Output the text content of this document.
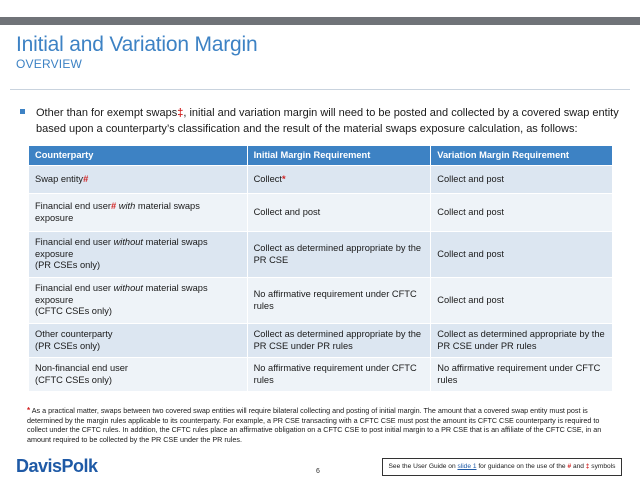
Initial and Variation Margin
OVERVIEW
Other than for exempt swaps‡, initial and variation margin will need to be posted and collected by a covered swap entity based upon a counterparty’s classification and the result of the material swaps exposure calculation, as follows:
Counterparty	Initial Margin Requirement	Variation Margin Requirement
Swap entity#	Collect*	Collect and post
Financial end user# with material swaps exposure	Collect and post	Collect and post
Financial end user without material swaps exposure
(PR CSEs only)	Collect as determined appropriate by the PR CSE	Collect and post
Financial end user without material swaps exposure
(CFTC CSEs only)	No affirmative requirement under CFTC rules	Collect and post
Other counterparty
(PR CSEs only)	Collect as determined appropriate by the PR CSE under PR rules	Collect as determined appropriate by the PR CSE under PR rules
Non-financial end user
(CFTC CSEs only)	No affirmative requirement under CFTC rules	No affirmative requirement under CFTC rules
* As a practical matter, swaps between two covered swap entities will require bilateral collecting and posting of initial margin. The amount that a covered swap entity must post is determined by the margin rules applicable to its counterparty. For example, a PR CSE transacting with a CFTC CSE must post the amount its CFTC CSE counterparty is required to collect under the CFTC rules. In addition, the CFTC rules place an affirmative obligation on a CFTC CSE to post initial margin to a PR CSE that is an affiliate of the CFTC CSE, in an amount required to be collected by the PR CSE under the PR rules.
DavisPolk	6
See the User Guide on slide 1 for guidance on the use of the # and ‡ symbols
